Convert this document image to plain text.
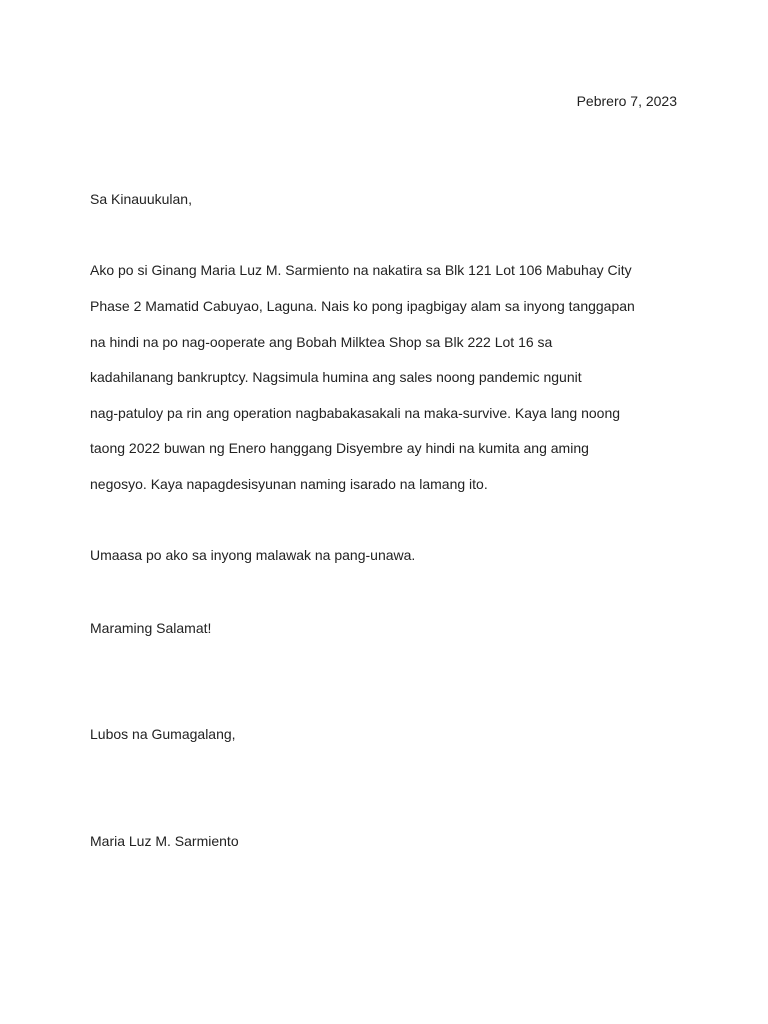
Pebrero 7, 2023
Sa Kinauukulan,
Ako po si Ginang Maria Luz M. Sarmiento na nakatira sa Blk 121 Lot 106 Mabuhay City
Phase 2 Mamatid Cabuyao, Laguna. Nais ko pong ipagbigay alam sa inyong tanggapan
na hindi na po nag-ooperate ang Bobah Milktea Shop sa Blk 222 Lot 16 sa
kadahilanang bankruptcy. Nagsimula humina ang sales noong pandemic ngunit
nag-patuloy pa rin ang operation nagbabakasakali na maka-survive. Kaya lang noong
taong 2022 buwan ng Enero hanggang Disyembre ay hindi na kumita ang aming
negosyo. Kaya napagdesisyunan naming isarado na lamang ito.
Umaasa po ako sa inyong malawak na pang-unawa.
Maraming Salamat!
Lubos na Gumagalang,
Maria Luz M. Sarmiento
